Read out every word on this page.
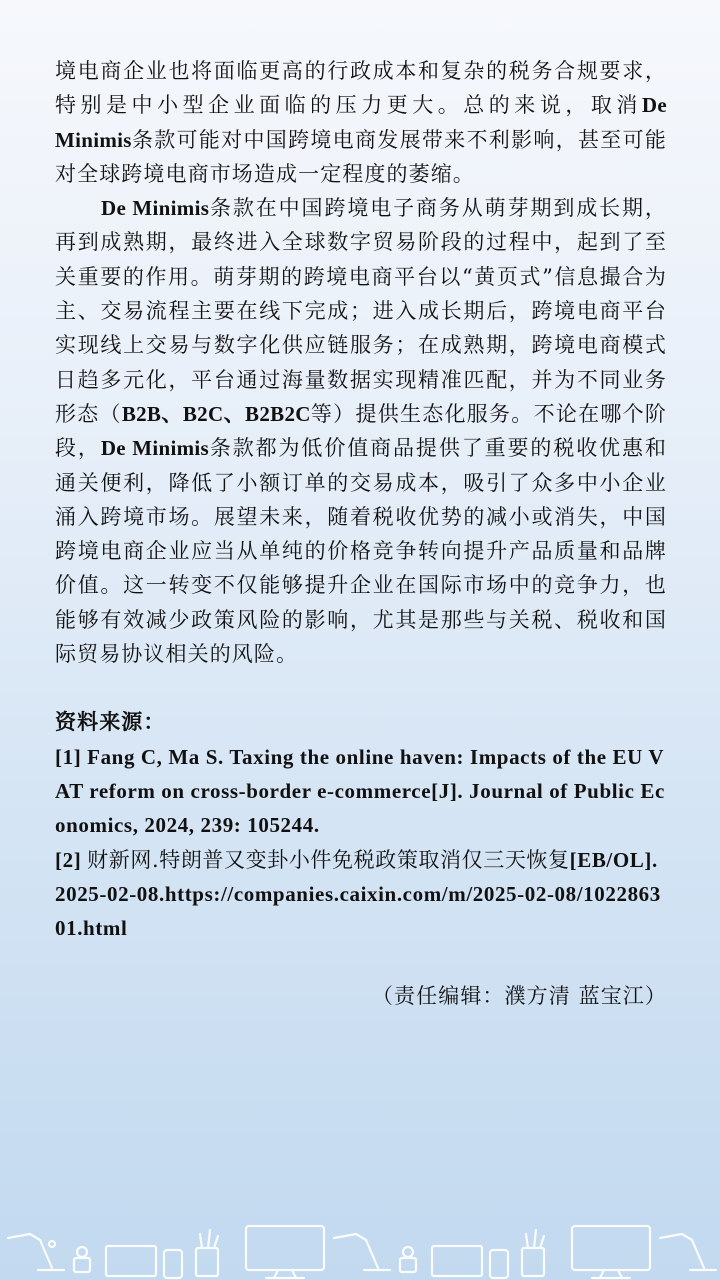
境电商企业也将面临更高的行政成本和复杂的税务合规要求，特别是中小型企业面临的压力更大。总的来说，取消De Minimis条款可能对中国跨境电商发展带来不利影响，甚至可能对全球跨境电商市场造成一定程度的萎缩。

De Minimis条款在中国跨境电子商务从萌芽期到成长期，再到成熟期，最终进入全球数字贸易阶段的过程中，起到了至关重要的作用。萌芽期的跨境电商平台以“黄页式”信息撮合为主、交易流程主要在线下完成；进入成长期后，跨境电商平台实现线上交易与数字化供应链服务；在成熟期，跨境电商模式日趋多元化，平台通过海量数据实现精准匹配，并为不同业务形态（B2B、B2C、B2B2C等）提供生态化服务。不论在哪个阶段，De Minimis条款都为低价值商品提供了重要的税收优惠和通关便利，降低了小额订单的交易成本，吸引了众多中小企业涌入跨境市场。展望未来，随着税收优势的减小或消失，中国跨境电商企业应当从单纯的价格竞争转向提升产品质量和品牌价值。这一转变不仅能够提升企业在国际市场中的竞争力，也能够有效减少政策风险的影响，尤其是那些与关税、税收和国际贸易协议相关的风险。

资料来源：

[1] Fang C, Ma S. Taxing the online haven: Impacts of the EU VAT reform on cross-border e-commerce[J]. Journal of Public Economics, 2024, 239: 105244.

[2] 财新网.特朗普又变卦小件免税政策取消仅三天恢复[EB/OL].2025-02-08.https://companies.caixin.com/m/2025-02-08/102286301.html

（责任编辑：濮方清 蓝宝江）
